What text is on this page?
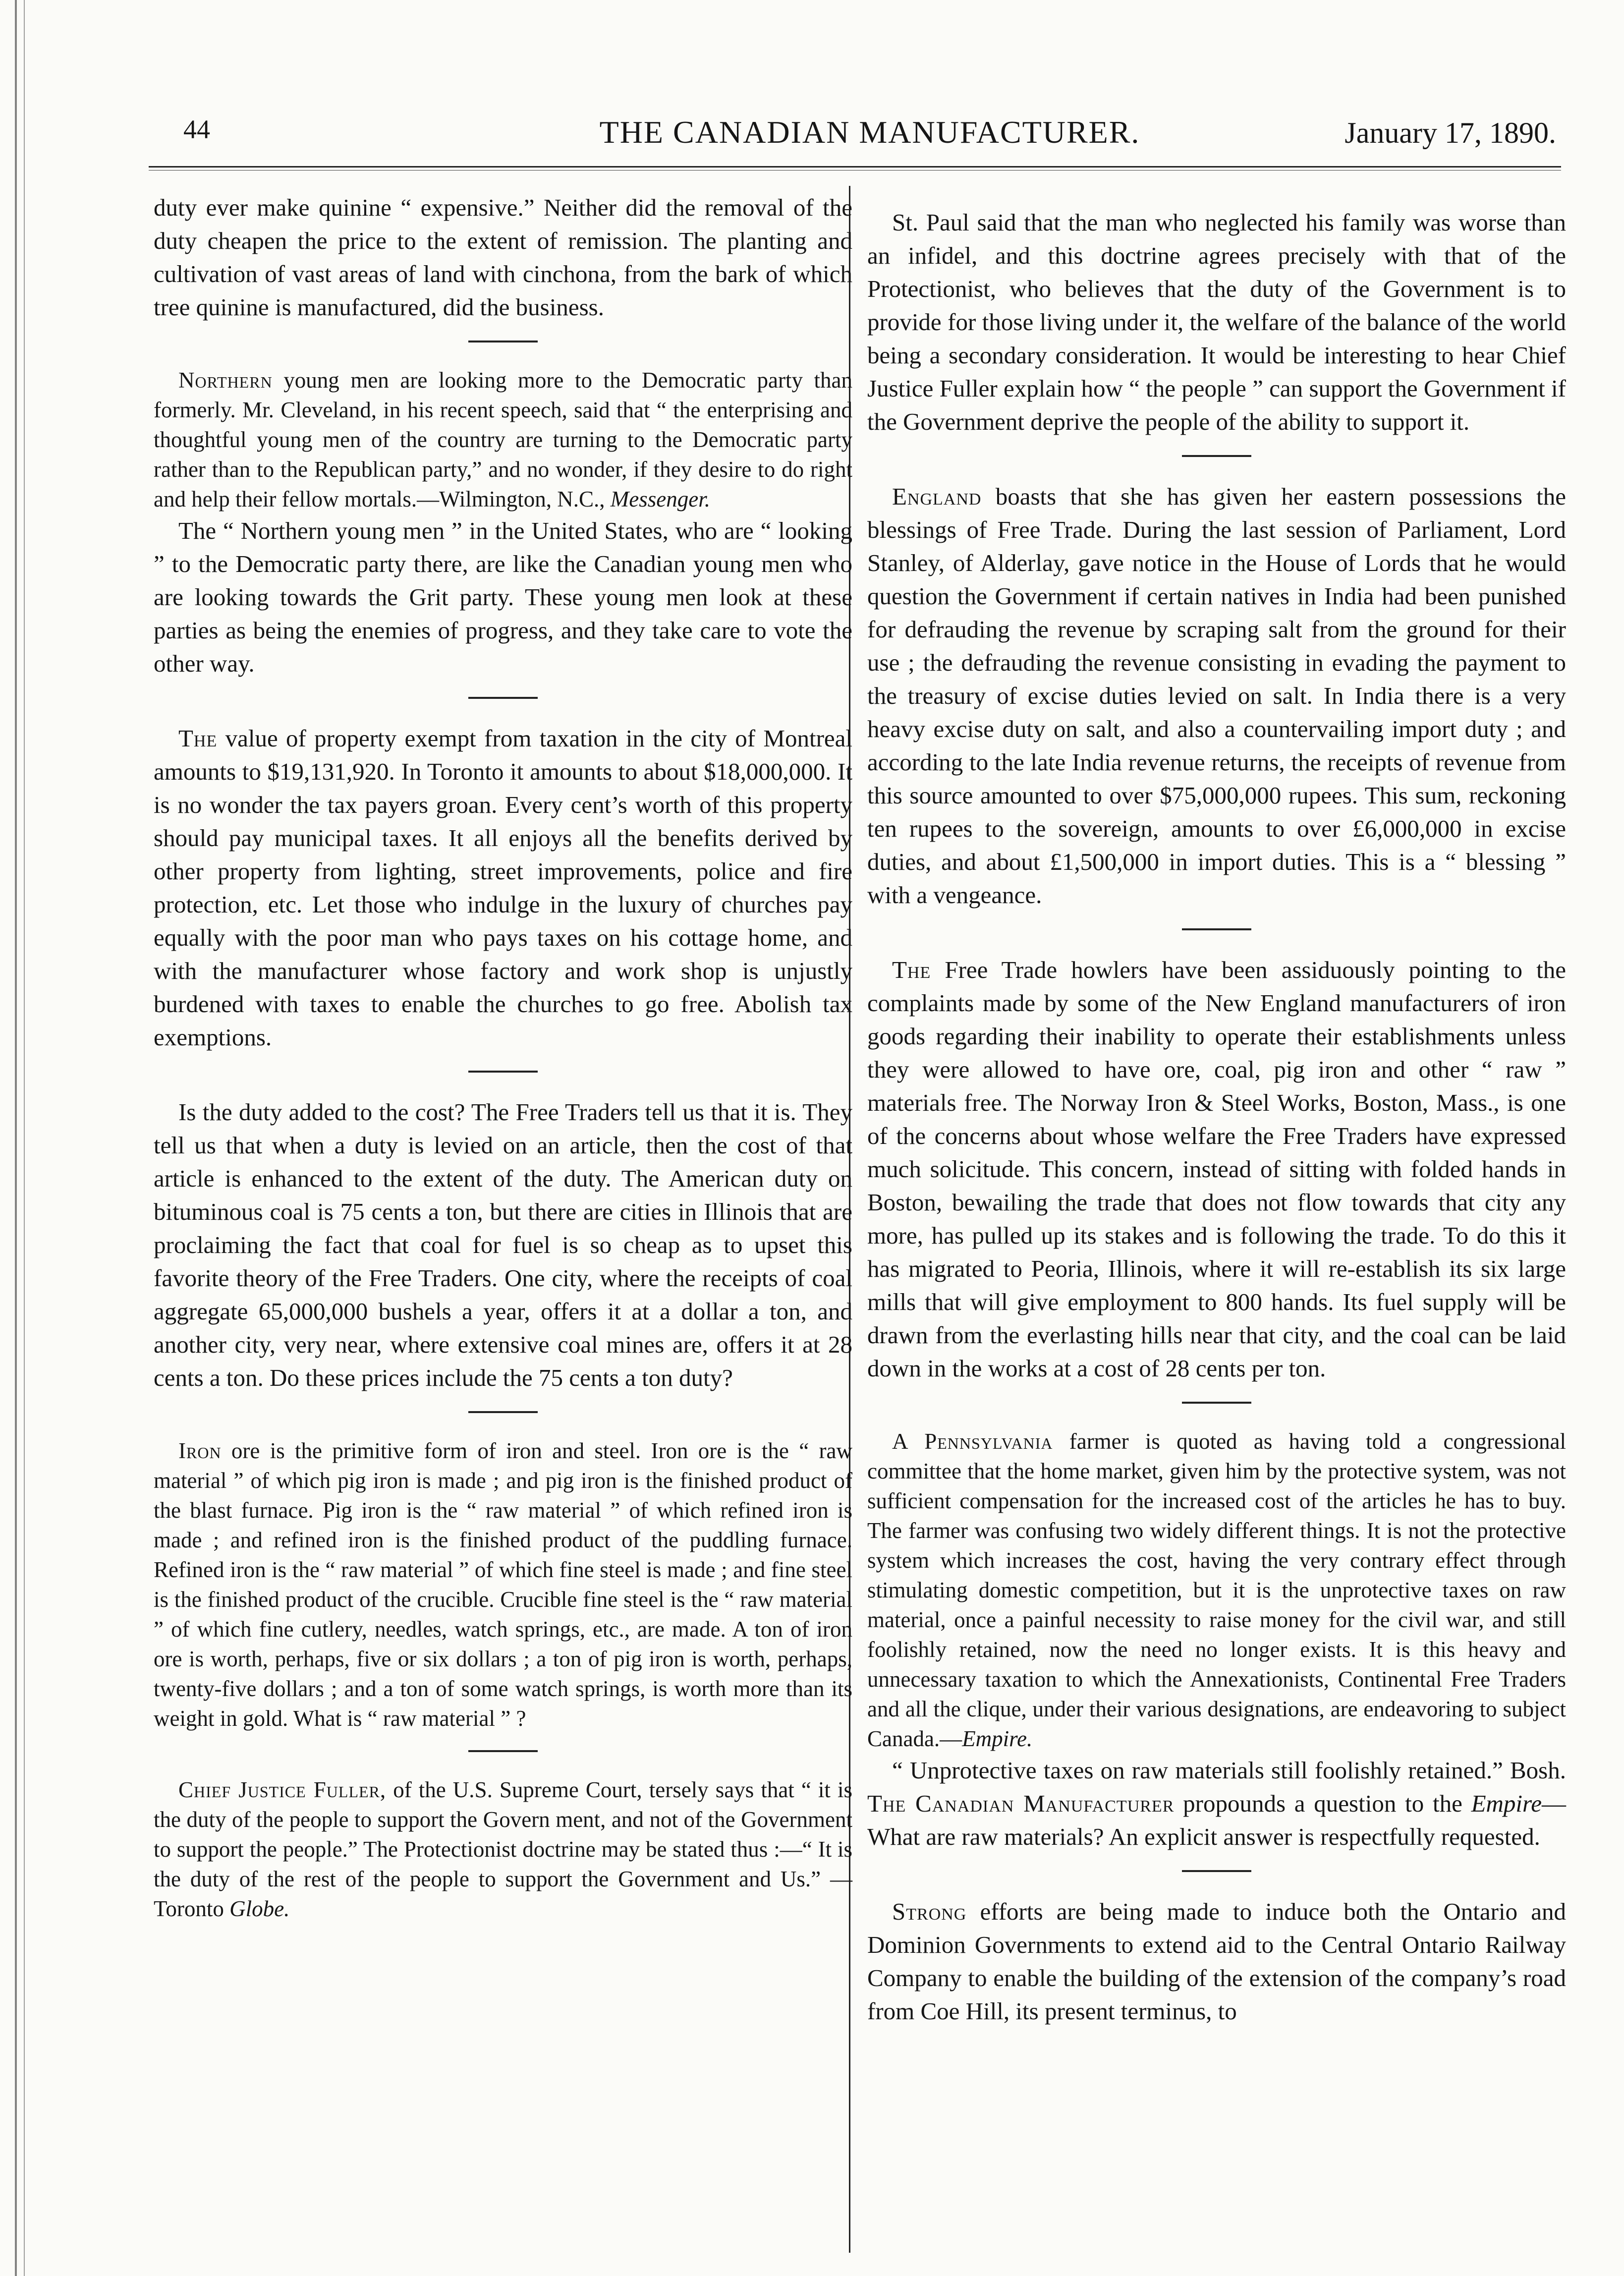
44	THE CANADIAN MANUFACTURER.	January 17, 1890.

duty ever make quinine “ expensive.” Neither did the removal of the duty cheapen the price to the extent of remission. The planting and cultivation of vast areas of land with cinchona, from the bark of which tree quinine is manufactured, did the business.

Northern young men are looking more to the Democratic party than formerly. Mr. Cleveland, in his recent speech, said that “ the enterprising and thoughtful young men of the country are turning to the Democratic party rather than to the Republican party,” and no wonder, if they desire to do right and help their fellow mortals.—Wilmington, N.C., Messenger.

The “ Northern young men ” in the United States, who are “ looking ” to the Democratic party there, are like the Canadian young men who are looking towards the Grit party. These young men look at these parties as being the enemies of progress, and they take care to vote the other way.

The value of property exempt from taxation in the city of Montreal amounts to $19,131,920. In Toronto it amounts to about $18,000,000. It is no wonder the tax payers groan. Every cent’s worth of this property should pay municipal taxes. It all enjoys all the benefits derived by other property from lighting, street improvements, police and fire protection, etc. Let those who indulge in the luxury of churches pay equally with the poor man who pays taxes on his cottage home, and with the manufacturer whose factory and work shop is unjustly burdened with taxes to enable the churches to go free. Abolish tax exemptions.

Is the duty added to the cost? The Free Traders tell us that it is. They tell us that when a duty is levied on an article, then the cost of that article is enhanced to the extent of the duty. The American duty on bituminous coal is 75 cents a ton, but there are cities in Illinois that are proclaiming the fact that coal for fuel is so cheap as to upset this favorite theory of the Free Traders. One city, where the receipts of coal aggregate 65,000,000 bushels a year, offers it at a dollar a ton, and another city, very near, where extensive coal mines are, offers it at 28 cents a ton. Do these prices include the 75 cents a ton duty?

Iron ore is the primitive form of iron and steel. Iron ore is the “ raw material ” of which pig iron is made ; and pig iron is the finished product of the blast furnace. Pig iron is the “ raw material ” of which refined iron is made ; and refined iron is the finished product of the puddling furnace. Refined iron is the “ raw material ” of which fine steel is made ; and fine steel is the finished product of the crucible. Crucible fine steel is the “ raw material ” of which fine cutlery, needles, watch springs, etc., are made. A ton of iron ore is worth, perhaps, five or six dollars ; a ton of pig iron is worth, perhaps, twenty-five dollars ; and a ton of some watch springs, is worth more than its weight in gold. What is “ raw material ” ?

Chief Justice Fuller, of the U.S. Supreme Court, tersely says that “ it is the duty of the people to support the Govern ment, and not of the Government to support the people.” The Protectionist doctrine may be stated thus :—“ It is the duty of the rest of the people to support the Government and Us.” —Toronto Globe.

St. Paul said that the man who neglected his family was worse than an infidel, and this doctrine agrees precisely with that of the Protectionist, who believes that the duty of the Government is to provide for those living under it, the welfare of the balance of the world being a secondary consideration. It would be interesting to hear Chief Justice Fuller explain how “ the people ” can support the Government if the Government deprive the people of the ability to support it.

England boasts that she has given her eastern possessions the blessings of Free Trade. During the last session of Parliament, Lord Stanley, of Alderlay, gave notice in the House of Lords that he would question the Government if certain natives in India had been punished for defrauding the revenue by scraping salt from the ground for their use ; the defrauding the revenue consisting in evading the payment to the treasury of excise duties levied on salt. In India there is a very heavy excise duty on salt, and also a countervailing import duty ; and according to the late India revenue returns, the receipts of revenue from this source amounted to over $75,000,000 rupees. This sum, reckoning ten rupees to the sovereign, amounts to over £6,000,000 in excise duties, and about £1,500,000 in import duties. This is a “ blessing ” with a vengeance.

The Free Trade howlers have been assiduously pointing to the complaints made by some of the New England manufacturers of iron goods regarding their inability to operate their establishments unless they were allowed to have ore, coal, pig iron and other “ raw ” materials free. The Norway Iron & Steel Works, Boston, Mass., is one of the concerns about whose welfare the Free Traders have expressed much solicitude. This concern, instead of sitting with folded hands in Boston, bewailing the trade that does not flow towards that city any more, has pulled up its stakes and is following the trade. To do this it has migrated to Peoria, Illinois, where it will re-establish its six large mills that will give employment to 800 hands. Its fuel supply will be drawn from the everlasting hills near that city, and the coal can be laid down in the works at a cost of 28 cents per ton.

A Pennsylvania farmer is quoted as having told a congressional committee that the home market, given him by the protective system, was not sufficient compensation for the increased cost of the articles he has to buy. The farmer was confusing two widely different things. It is not the protective system which increases the cost, having the very contrary effect through stimulating domestic competition, but it is the unprotective taxes on raw material, once a painful necessity to raise money for the civil war, and still foolishly retained, now the need no longer exists. It is this heavy and unnecessary taxation to which the Annexationists, Continental Free Traders and all the clique, under their various designations, are endeavoring to subject Canada.—Empire.

“ Unprotective taxes on raw materials still foolishly retained.” Bosh. The Canadian Manufacturer propounds a question to the Empire—What are raw materials? An explicit answer is respectfully requested.

Strong efforts are being made to induce both the Ontario and Dominion Governments to extend aid to the Central Ontario Railway Company to enable the building of the extension of the company’s road from Coe Hill, its present terminus, to
